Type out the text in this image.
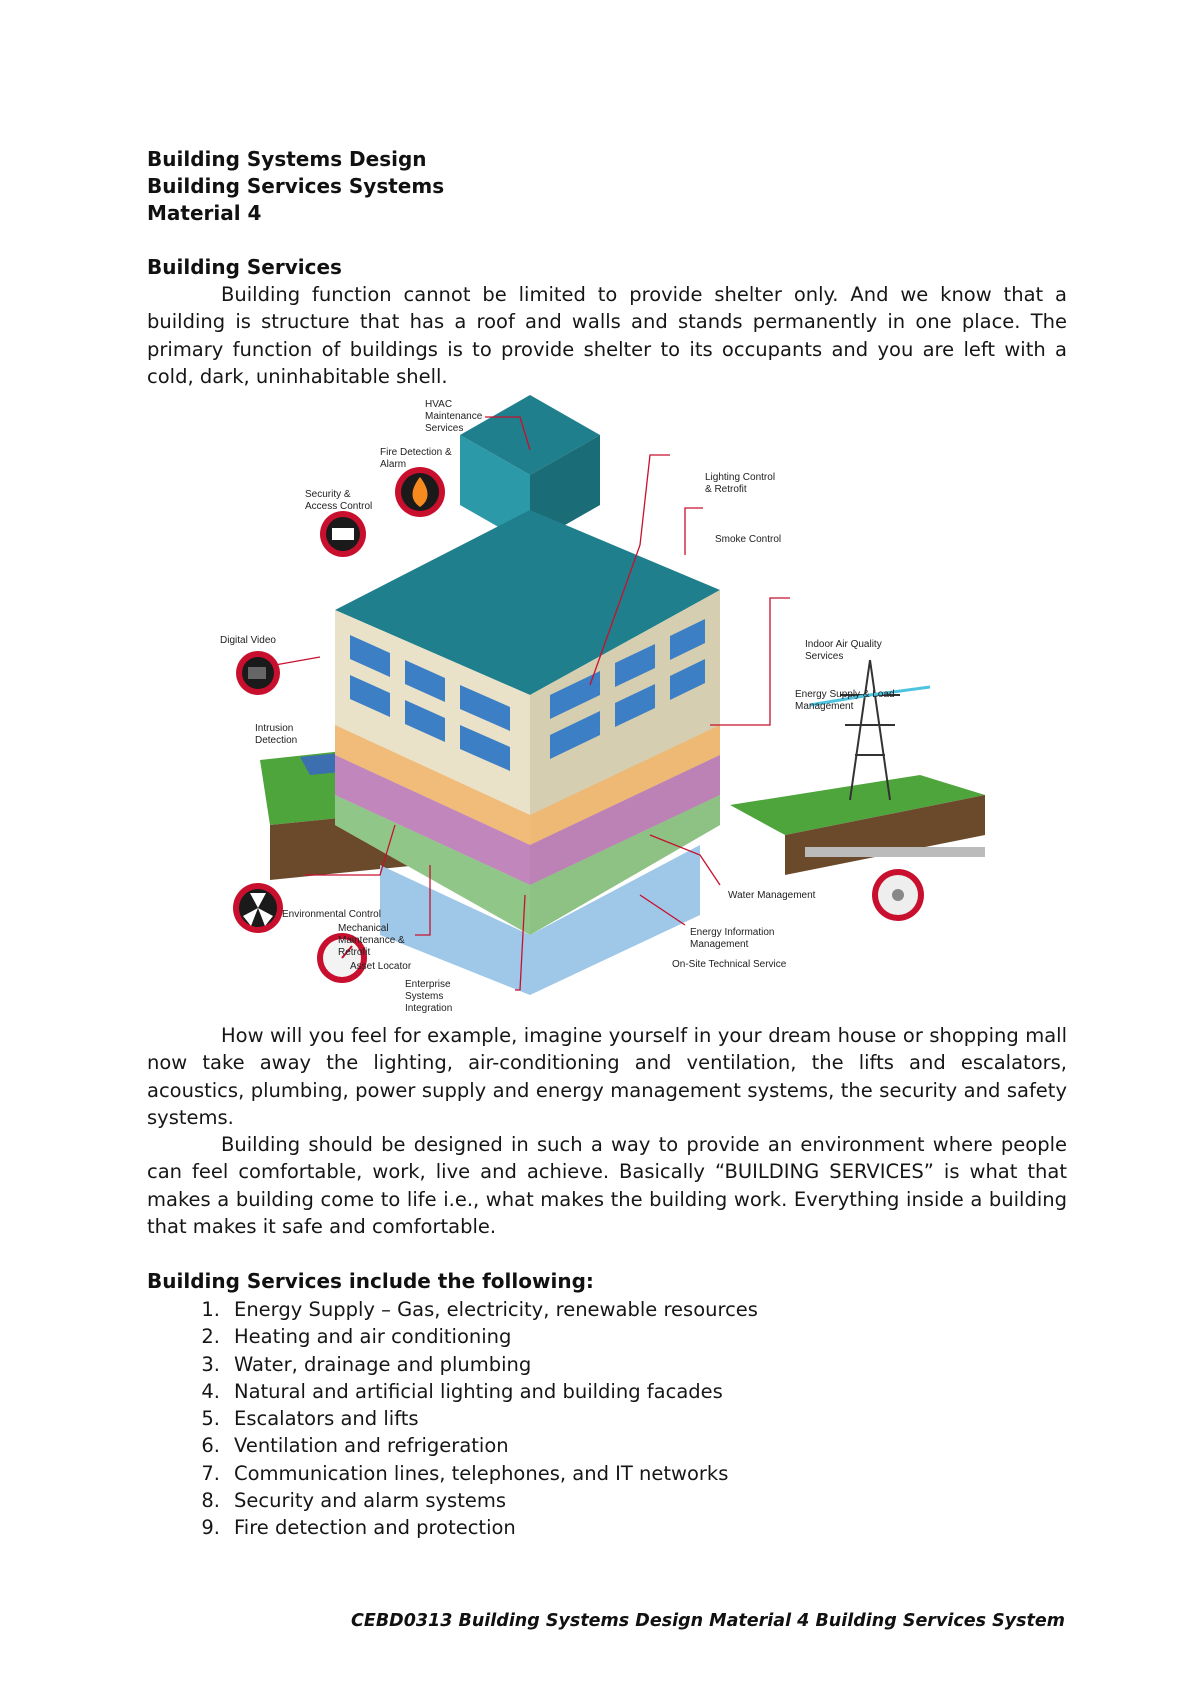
Building Systems Design
Building Services Systems
Material 4
Building Services
Building function cannot be limited to provide shelter only. And we know that a building is structure that has a roof and walls and stands permanently in one place. The primary function of buildings is to provide shelter to its occupants and you are left with a cold, dark, uninhabitable shell.
HVAC
Maintenance
Services
Fire Detection &
Alarm
Security &
Access Control
Lighting Control
& Retrofit
Smoke Control
Digital Video	Indoor Air Quality
Services
Energy Supply & Load
Management
Intrusion
Detection
Environmental Control
Mechanical
Maintenance &
Retrofit
Asset Locator
Enterprise
Systems
Integration
Water Management
Energy Information
Management
On-Site Technical Service
How will you feel for example, imagine yourself in your dream house or shopping mall now take away the lighting, air-conditioning and ventilation, the lifts and escalators, acoustics, plumbing, power supply and energy management systems, the security and safety systems.
Building should be designed in such a way to provide an environment where people can feel comfortable, work, live and achieve. Basically “BUILDING SERVICES” is what that makes a building come to life i.e., what makes the building work. Everything inside a building that makes it safe and comfortable.
Building Services include the following:
1. Energy Supply – Gas, electricity, renewable resources
2. Heating and air conditioning
3. Water, drainage and plumbing
4. Natural and artificial lighting and building facades
5. Escalators and lifts
6. Ventilation and refrigeration
7. Communication lines, telephones, and IT networks
8. Security and alarm systems
9. Fire detection and protection
CEBD0313 Building Systems Design Material 4 Building Services System
